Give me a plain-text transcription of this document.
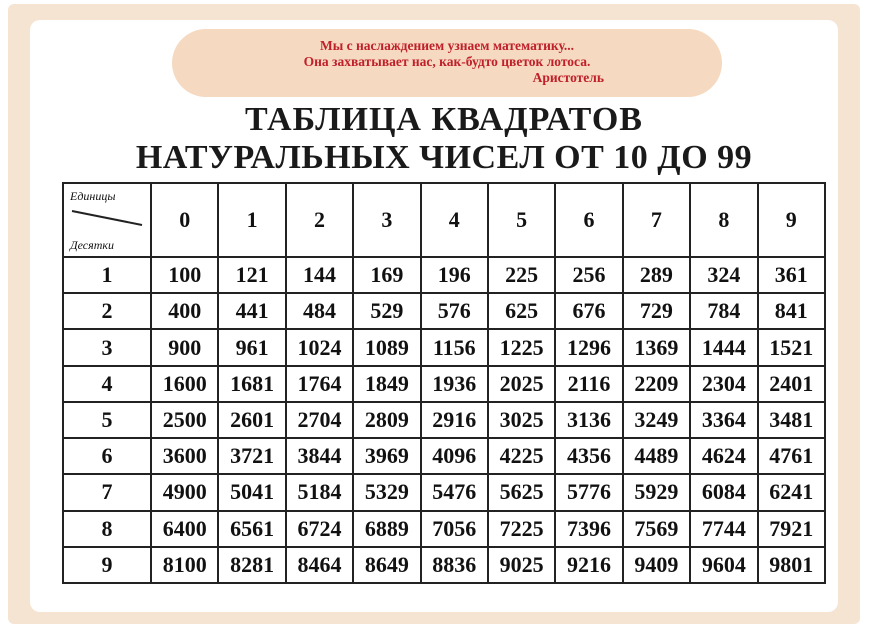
Мы с наслаждением узнаем математику...
Она захватывает нас, как-будто цветок лотоса.

Аристотель
ТАБЛИЦА КВАДРАТОВ
НАТУРАЛЬНЫХ ЧИСЕЛ ОТ 10 ДО 99
Единицы
Десятки	0	1	2	3	4	5	6	7	8	9
1	100	121	144	169	196	225	256	289	324	361
2	400	441	484	529	576	625	676	729	784	841
3	900	961	1024	1089	1156	1225	1296	1369	1444	1521
4	1600	1681	1764	1849	1936	2025	2116	2209	2304	2401
5	2500	2601	2704	2809	2916	3025	3136	3249	3364	3481
6	3600	3721	3844	3969	4096	4225	4356	4489	4624	4761
7	4900	5041	5184	5329	5476	5625	5776	5929	6084	6241
8	6400	6561	6724	6889	7056	7225	7396	7569	7744	7921
9	8100	8281	8464	8649	8836	9025	9216	9409	9604	9801
